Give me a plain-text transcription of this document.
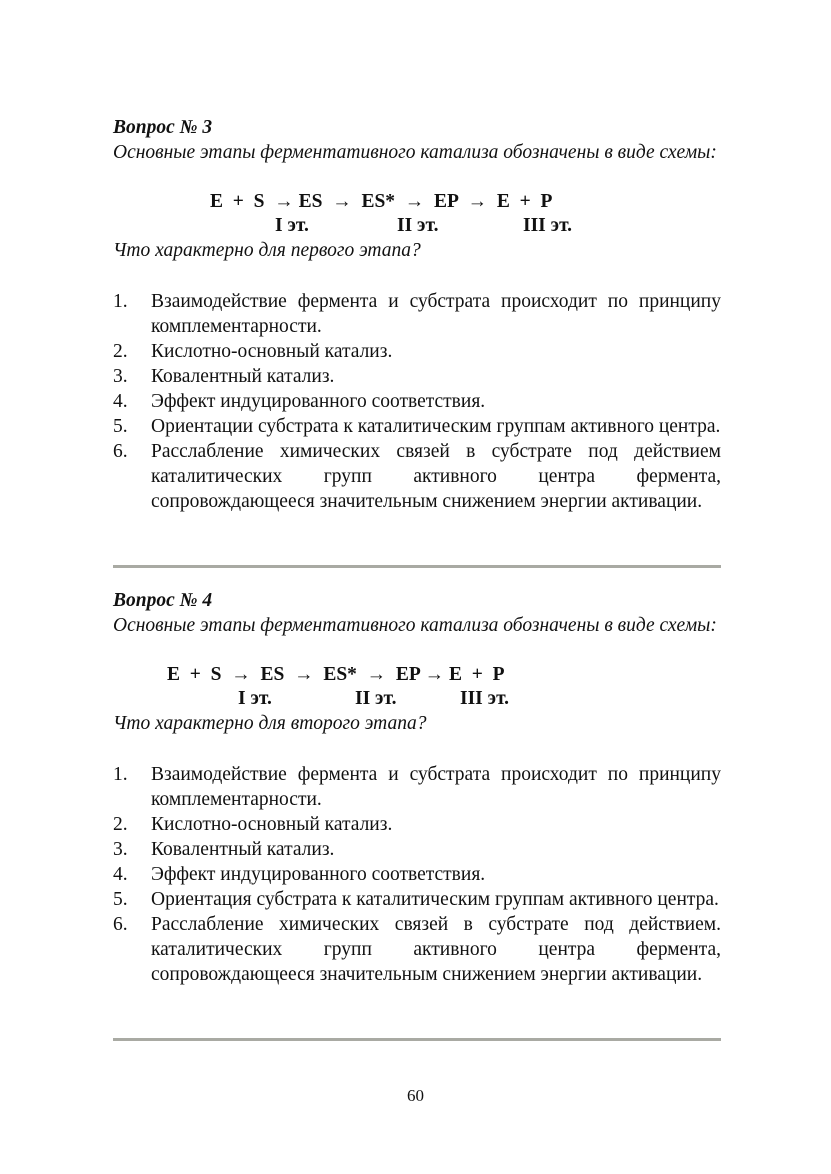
Вопрос № 3
Основные этапы ферментативного катализа обозначены в виде схемы:
E  +  S  → ES  →  ES*  →  EP  →  E  +  P
I эт.	II эт.	III эт.
Что характерно для первого этапа?
1. Взаимодействие фермента и субстрата происходит по принципу комплементарности.
2. Кислотно-основный катализ.
3. Ковалентный катализ.
4. Эффект индуцированного соответствия.
5. Ориентации субстрата к каталитическим группам активного центра.
6. Расслабление химических связей в субстрате под действием каталитических групп активного центра фермента, сопровождающееся значительным снижением энергии активации.
Вопрос № 4
Основные этапы ферментативного катализа обозначены в виде схемы:
E  +  S  →  ES  →  ES*  →  EP → E  +  P
I эт.	II эт.	III эт.
Что характерно для второго этапа?
1. Взаимодействие фермента и субстрата происходит по принципу комплементарности.
2. Кислотно-основный катализ.
3. Ковалентный катализ.
4. Эффект индуцированного соответствия.
5. Ориентация субстрата к каталитическим группам активного центра.
6. Расслабление химических связей в субстрате под действием. каталитических групп активного центра фермента, сопровождающееся значительным снижением энергии активации.
60
